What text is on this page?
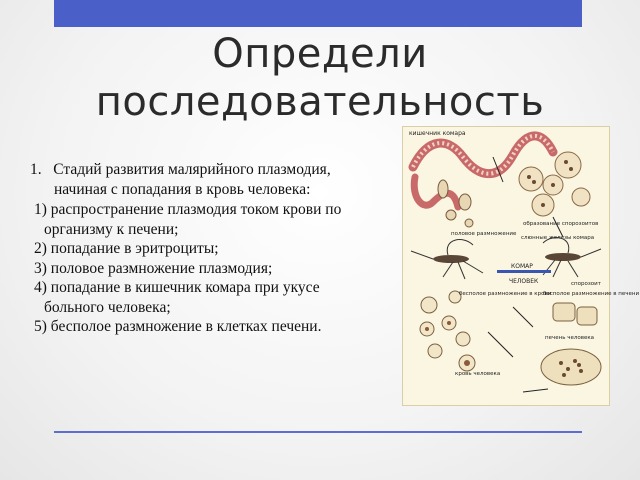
Определи последовательность

1.   Стадий развития малярийного плазмодия, начиная с попадания в кровь человека:

1) распространение плазмодия током крови по организму к печени;

2) попадание в эритроциты;

3) половое размножение плазмодия;

4) попадание в кишечник комара при укусе больного человека;

5) бесполое размножение в клетках печени.

кишечник комара
образование спорозоитов
половое размножение
слюнные железы комара
КОМАР
ЧЕЛОВЕК	спорозоит
бесполое размножение в крови
кровь человека
бесполое размножение в печени
печень человека
